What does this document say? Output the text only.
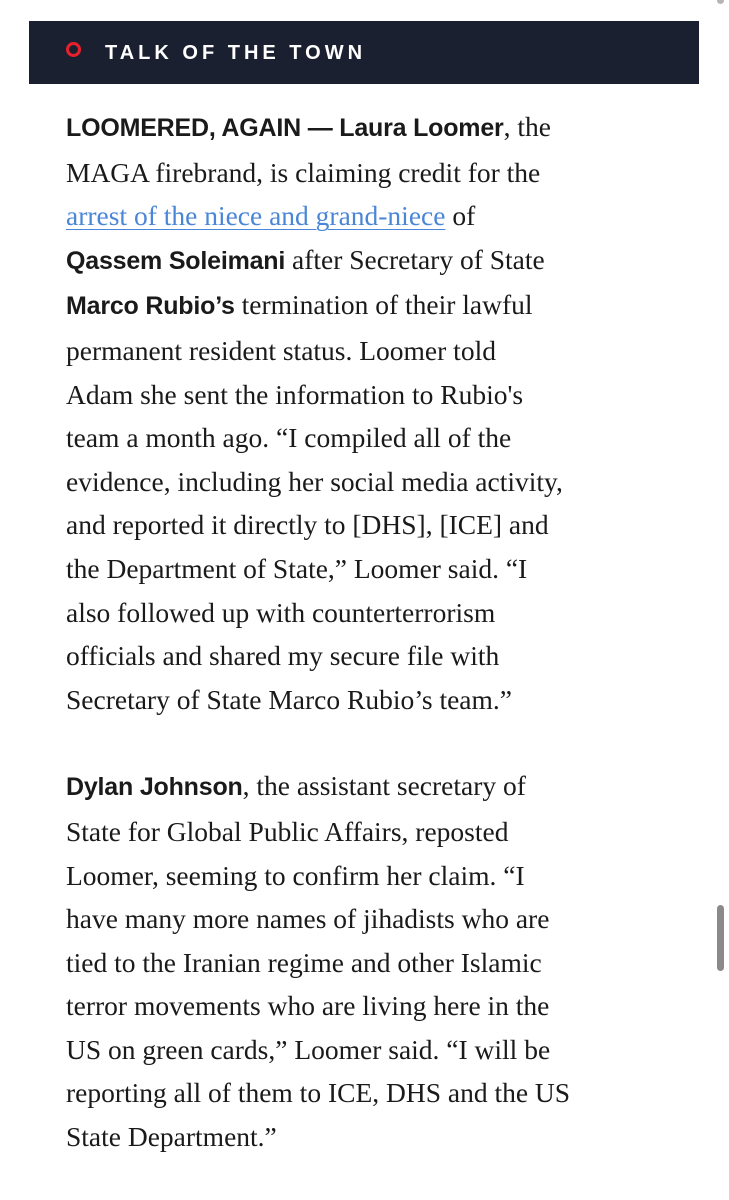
TALK OF THE TOWN

LOOMERED, AGAIN — Laura Loomer, the
MAGA firebrand, is claiming credit for the
arrest of the niece and grand-niece of
Qassem Soleimani after Secretary of State
Marco Rubio’s termination of their lawful
permanent resident status. Loomer told
Adam she sent the information to Rubio's
team a month ago. “I compiled all of the
evidence, including her social media activity,
and reported it directly to [DHS], [ICE] and
the Department of State,” Loomer said. “I
also followed up with counterterrorism
officials and shared my secure file with
Secretary of State Marco Rubio’s team.”

Dylan Johnson, the assistant secretary of
State for Global Public Affairs, reposted
Loomer, seeming to confirm her claim. “I
have many more names of jihadists who are
tied to the Iranian regime and other Islamic
terror movements who are living here in the
US on green cards,” Loomer said. “I will be
reporting all of them to ICE, DHS and the US
State Department.”
